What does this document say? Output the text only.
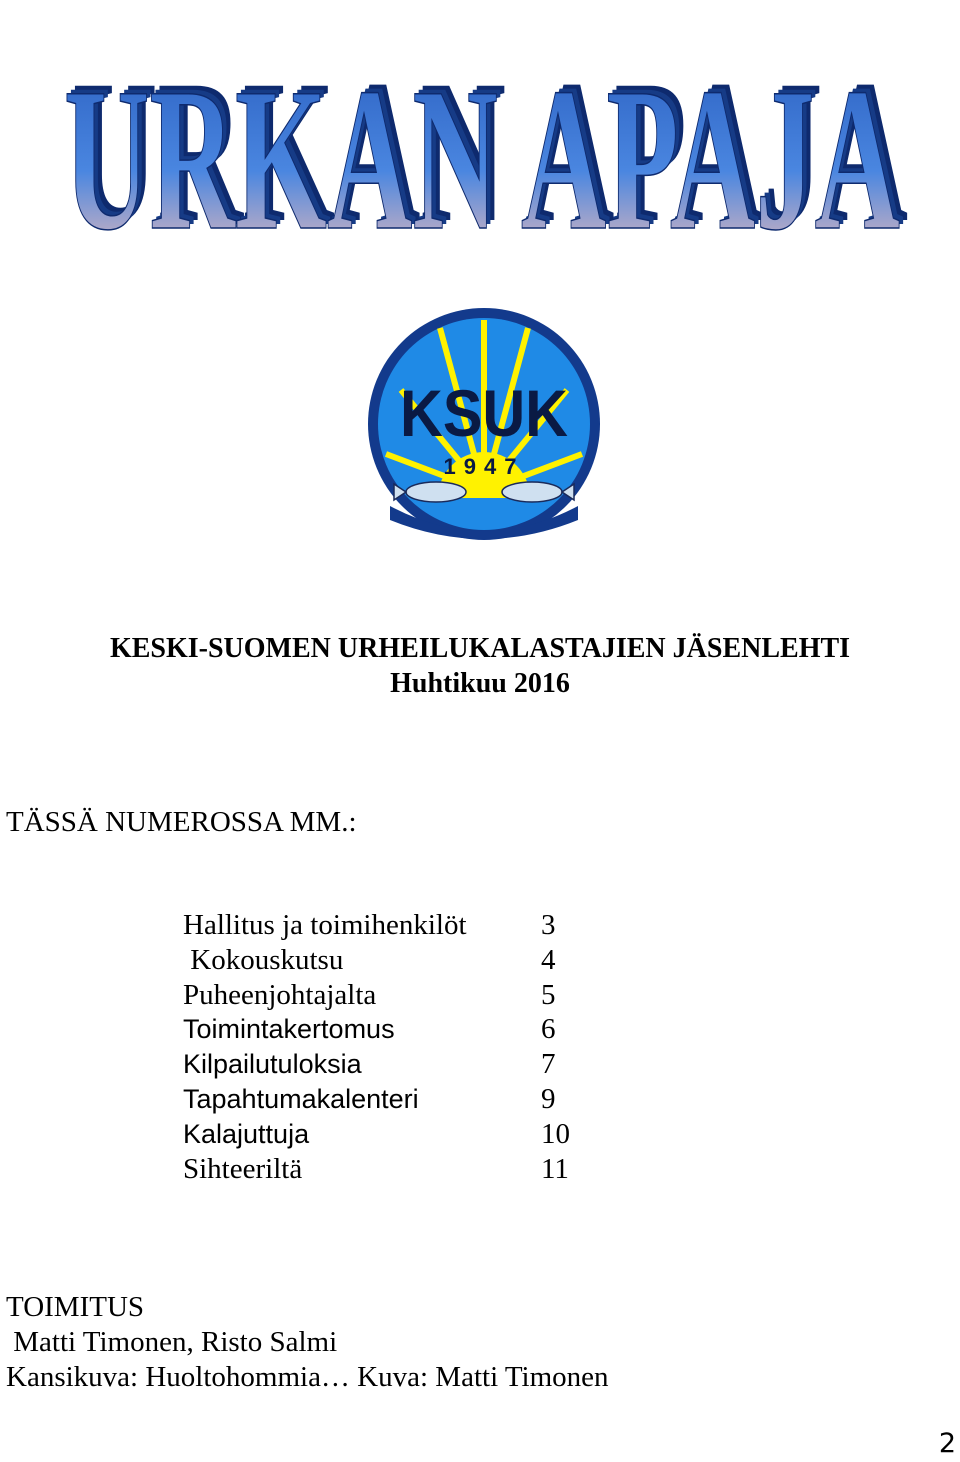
URKAN APAJA
URKAN APAJA
URKAN APAJA
KSUK
1947
KESKI-SUOMEN URHEILUKALASTAJIEN JÄSENLEHTI
Huhtikuu 2016
TÄSSÄ NUMEROSSA MM.:
Hallitus ja toimihenkilöt	3
Kokouskutsu	4
Puheenjohtajalta	5
Toimintakertomus	6
Kilpailutuloksia	7
Tapahtumakalenteri	9
Kalajuttuja	10
Sihteeriltä	11
TOIMITUS
Matti Timonen, Risto Salmi
Kansikuva: Huoltohommia… Kuva: Matti Timonen
2
